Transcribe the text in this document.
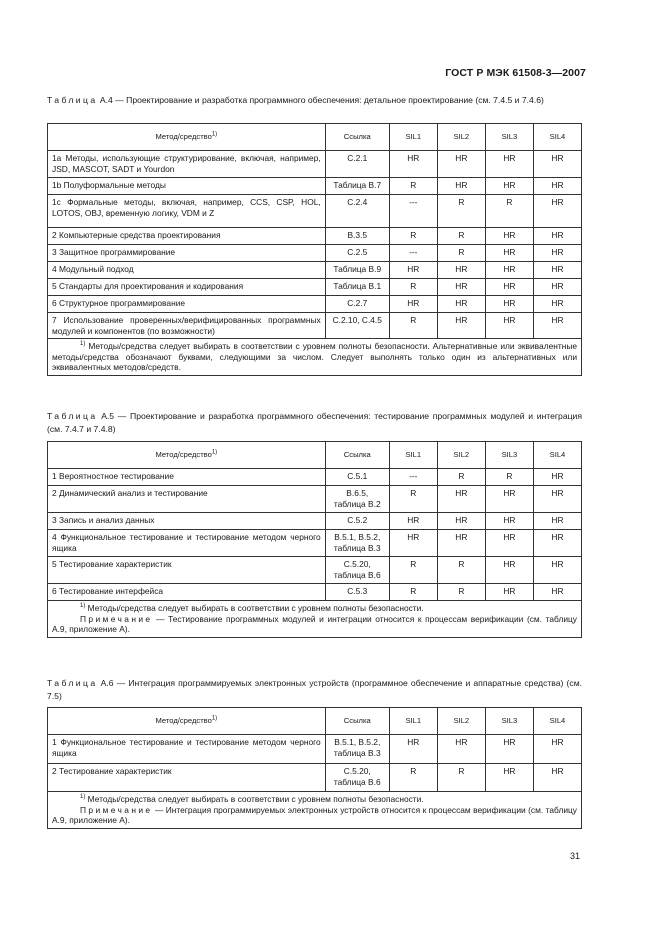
ГОСТ Р МЭК 61508-3—2007
Таблица А.4 — Проектирование и разработка программного обеспечения: детальное проектирование (см. 7.4.5 и 7.4.6)
Метод/средство$^{1)}$	Ссылка	SIL1	SIL2	SIL3	SIL4
1а Методы, использующие структурирование, включая, например, JSD, MASCOT, SADT и Yourdon	С.2.1	HR	HR	HR	HR
1b Полуформальные методы	Таблица В.7	R	HR	HR	HR
1с Формальные методы, включая, например, CCS, CSP, HOL, LOTOS, OBJ, временную логику, VDM и Z	С.2.4	---	R	R	HR
2 Компьютерные средства проектирования	В.3.5	R	R	HR	HR
3 Защитное программирование	С.2.5	---	R	HR	HR
4 Модульный подход	Таблица В.9	HR	HR	HR	HR
5 Стандарты для проектирования и кодирования	Таблица В.1	R	HR	HR	HR
6 Структурное программирование	С.2.7	HR	HR	HR	HR
7 Использование проверенных/верифицированных программных модулей и компонентов (по возможности)	С.2.10, С.4.5	R	HR	HR	HR

$^{1)}$ Методы/средства следует выбирать в соответствии с уровнем полноты безопасности. Альтернативные или эквивалентные методы/средства обозначают буквами, следующими за числом. Следует выполнять только один из альтернативных или эквивалентных методов/средств.					
Таблица А.5 — Проектирование и разработка программного обеспечения: тестирование программных модулей и интеграция (см. 7.4.7 и 7.4.8)
Метод/средство$^{1)}$	Ссылка	SIL1	SIL2	SIL3	SIL4
1 Вероятностное тестирование	С.5.1	---	R	R	HR
2 Динамический анализ и тестирование	В.6.5, таблица В.2	R	HR	HR	HR
3 Запись и анализ данных	С.5.2	HR	HR	HR	HR
4 Функциональное тестирование и тестирование методом черного ящика	В.5.1, В.5.2, таблица В.3	HR	HR	HR	HR
5 Тестирование характеристик	С.5.20, таблица В.6	R	R	HR	HR
6 Тестирование интерфейса	С.5.3	R	R	HR	HR

$^{1)}$ Методы/средства следует выбирать в соответствии с уровнем полноты безопасности.
Примечание — Тестирование программных модулей и интеграции относится к процессам верификации (см. таблицу А.9, приложение А).					
Таблица А.6 — Интеграция программируемых электронных устройств (программное обеспечение и аппаратные средства) (см. 7.5)
Метод/средство$^{1)}$	Ссылка	SIL1	SIL2	SIL3	SIL4
1 Функциональное тестирование и тестирование методом черного ящика	В.5.1, В.5.2, таблица В.3	HR	HR	HR	HR
2 Тестирование характеристик	С.5.20, таблица В.6	R	R	HR	HR

$^{1)}$ Методы/средства следует выбирать в соответствии с уровнем полноты безопасности.
Примечание — Интеграция программируемых электронных устройств относится к процессам верификации (см. таблицу А.9, приложение А).					
31
